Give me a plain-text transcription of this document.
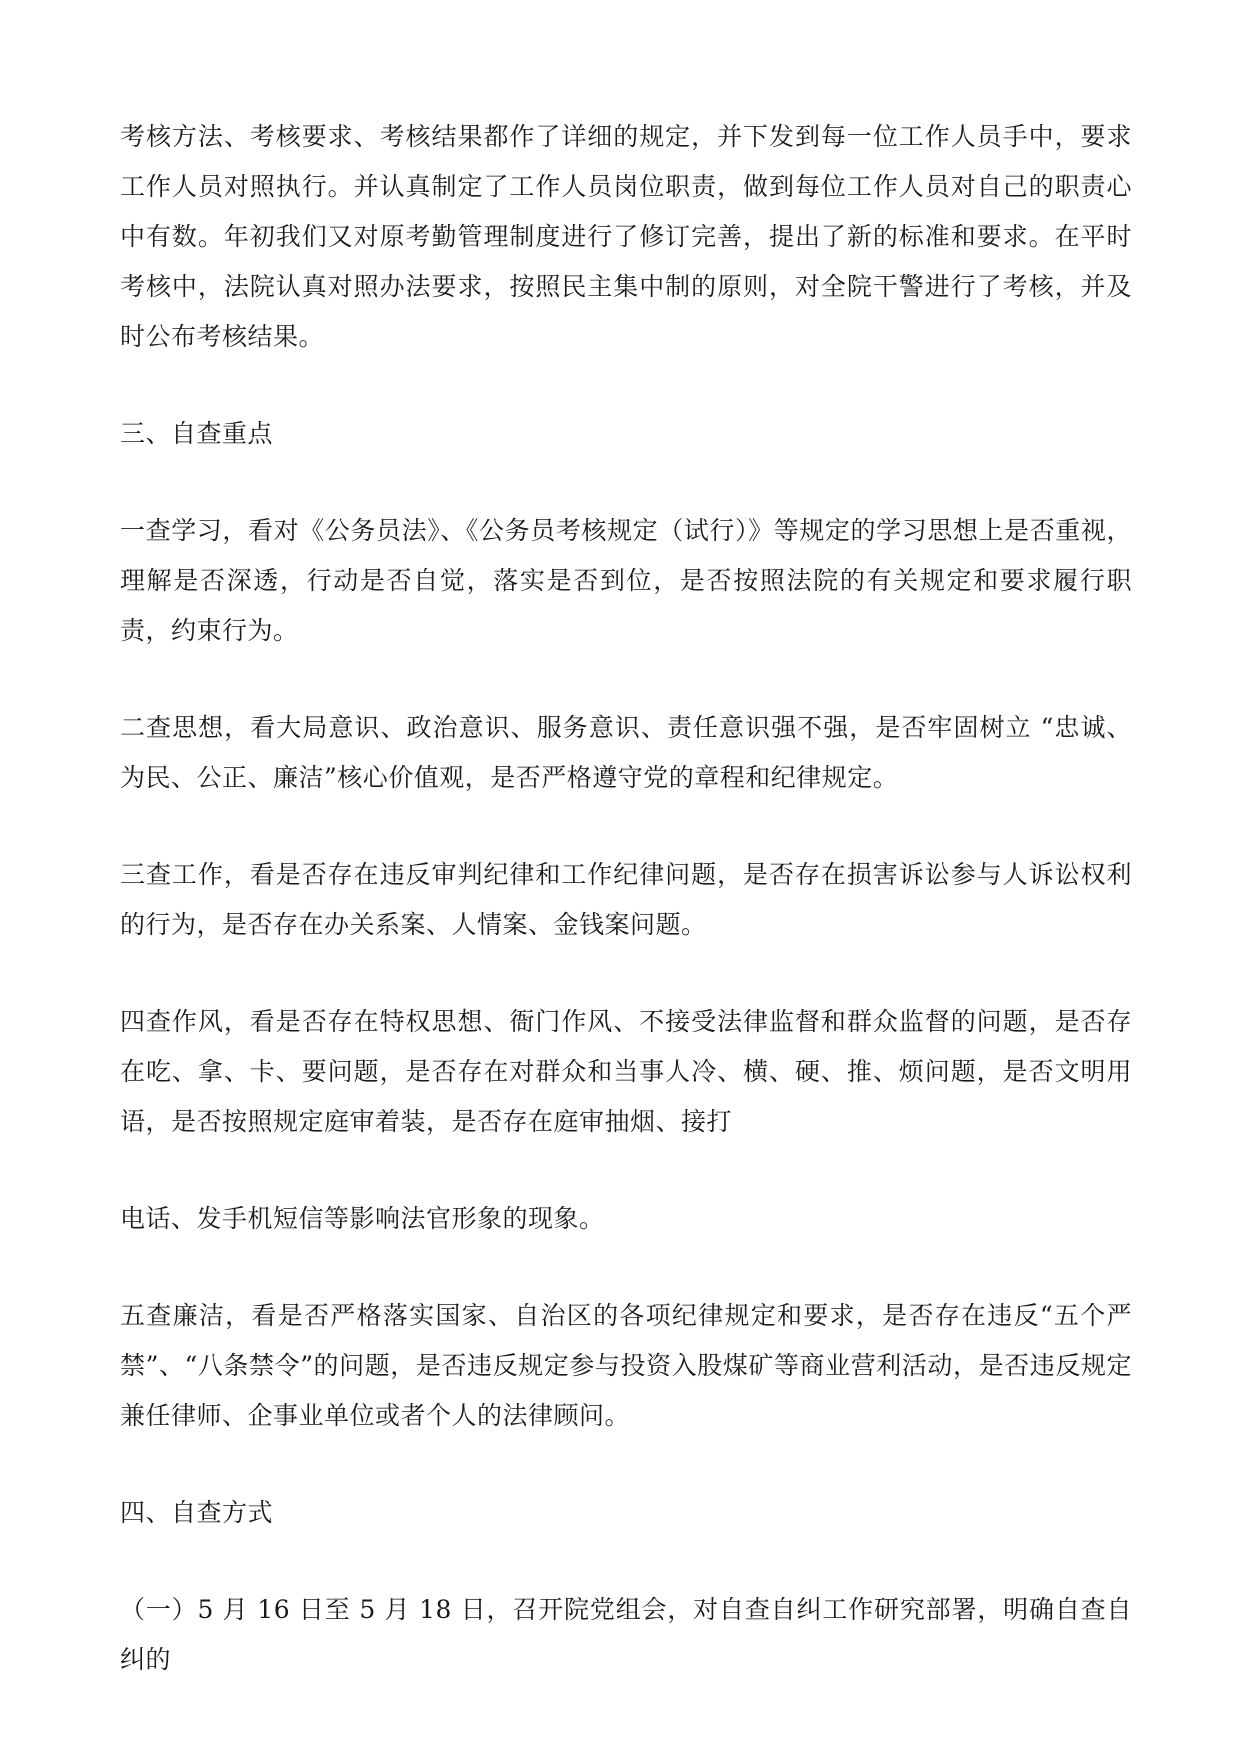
考核方法、考核要求、考核结果都作了详细的规定，并下发到每一位工作人员手中，要求工作人员对照执行。并认真制定了工作人员岗位职责，做到每位工作人员对自己的职责心中有数。年初我们又对原考勤管理制度进行了修订完善，提出了新的标准和要求。在平时考核中，法院认真对照办法要求，按照民主集中制的原则，对全院干警进行了考核，并及时公布考核结果。

三、自查重点

一查学习，看对《公务员法》、《公务员考核规定（试行）》等规定的学习思想上是否重视，理解是否深透，行动是否自觉，落实是否到位，是否按照法院的有关规定和要求履行职责，约束行为。

二查思想，看大局意识、政治意识、服务意识、责任意识强不强，是否牢固树立 “忠诚、为民、公正、廉洁”核心价值观，是否严格遵守党的章程和纪律规定。

三查工作，看是否存在违反审判纪律和工作纪律问题，是否存在损害诉讼参与人诉讼权利的行为，是否存在办关系案、人情案、金钱案问题。

四查作风，看是否存在特权思想、衙门作风、不接受法律监督和群众监督的问题，是否存在吃、拿、卡、要问题，是否存在对群众和当事人冷、横、硬、推、烦问题，是否文明用语，是否按照规定庭审着装，是否存在庭审抽烟、接打

电话、发手机短信等影响法官形象的现象。

五查廉洁，看是否严格落实国家、自治区的各项纪律规定和要求，是否存在违反“五个严禁”、“八条禁令”的问题，是否违反规定参与投资入股煤矿等商业营利活动，是否违反规定兼任律师、企事业单位或者个人的法律顾问。

四、自查方式

（一）5 月 16 日至 5 月 18 日，召开院党组会，对自查自纠工作研究部署，明确自查自纠的
